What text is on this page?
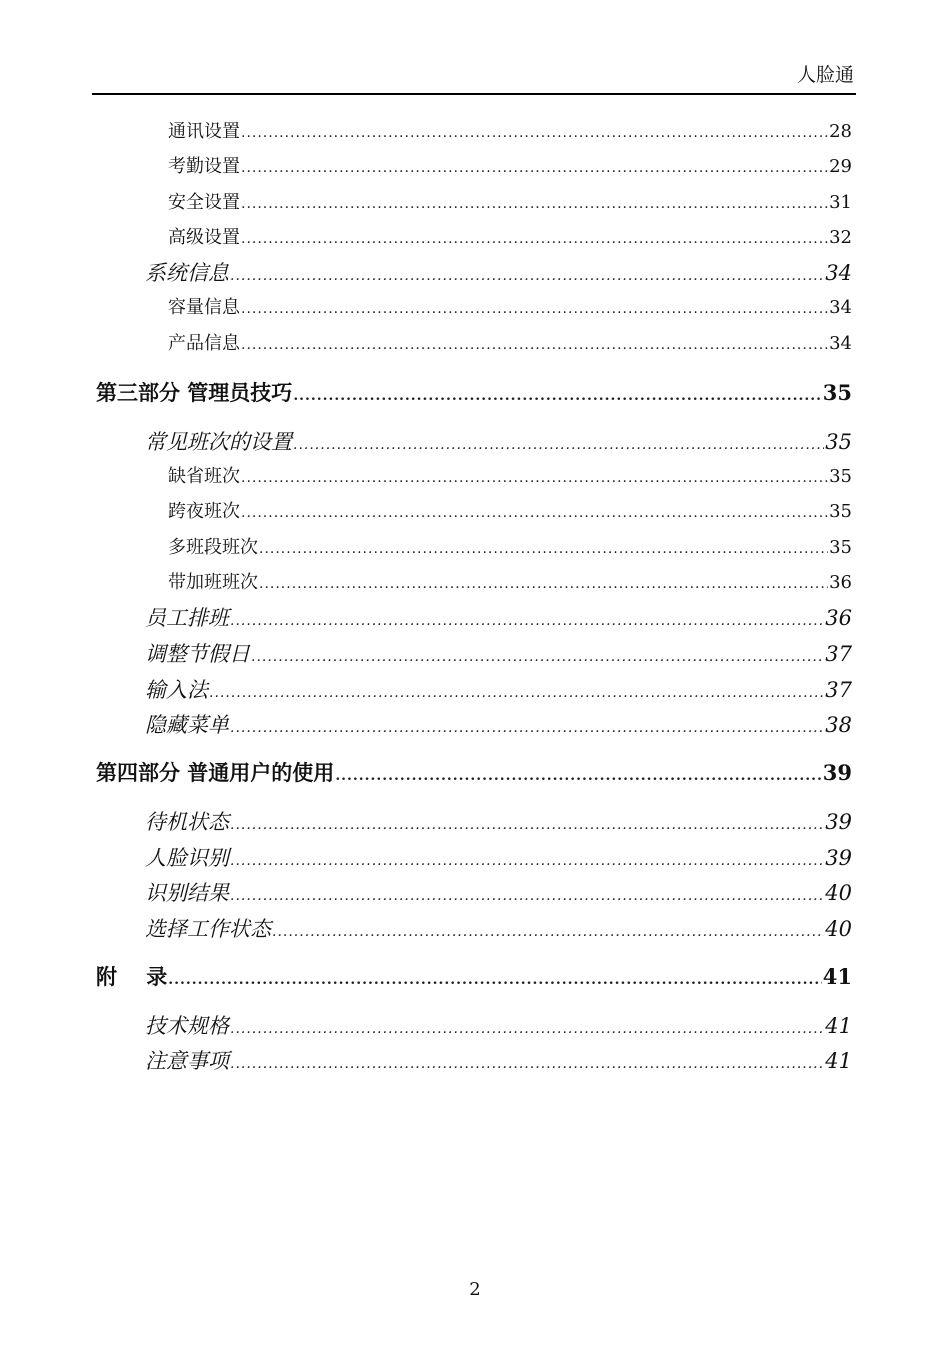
人脸通
通讯设置 .....	28
考勤设置 .....	29
安全设置 .....	31
高级设置 .....	32
系统信息 .....	34
容量信息 .....	34
产品信息 .....	34
第三部分 管理员技巧 .....	35
常见班次的设置 .....	35
缺省班次 .....	35
跨夜班次 .....	35
多班段班次 .....	35
带加班班次 .....	36
员工排班 .....	36
调整节假日 .....	37
输入法 .....	37
隐藏菜单 .....	38
第四部分 普通用户的使用 .....	39
待机状态 .....	39
人脸识别 .....	39
识别结果 .....	40
选择工作状态 .....	40
附    录 .....	41
技术规格 .....	41
注意事项 .....	41
2
